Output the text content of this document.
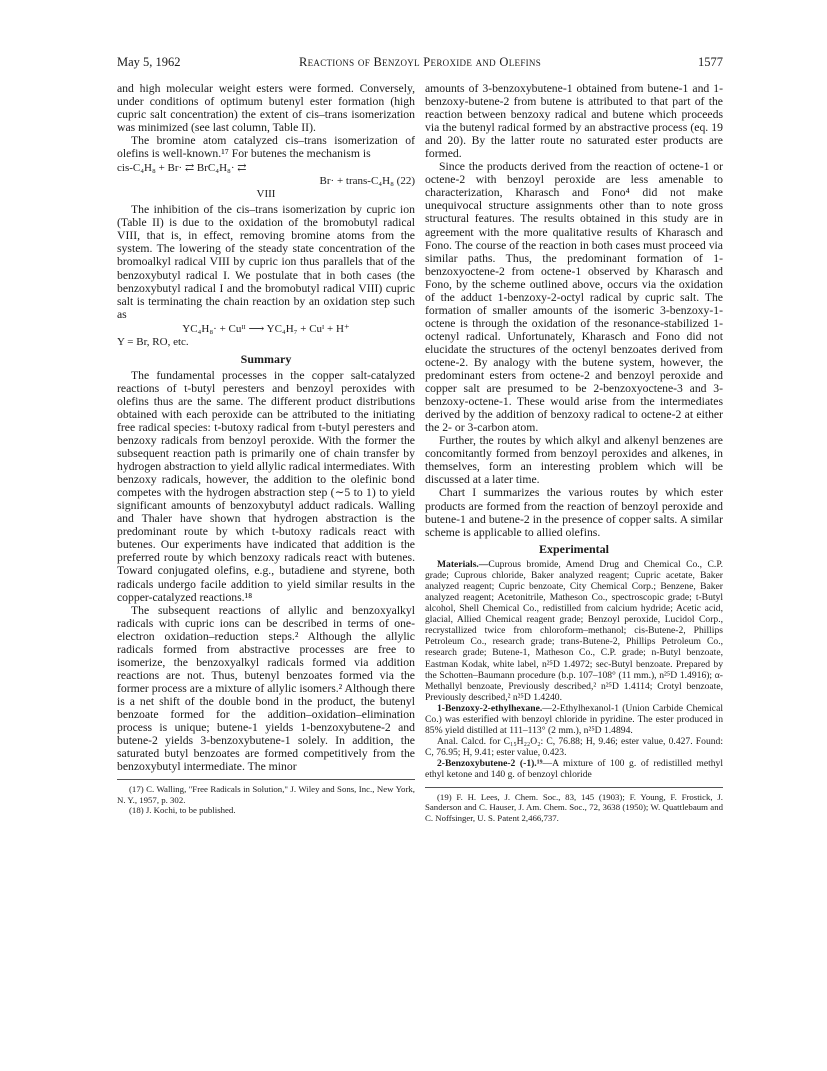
May 5, 1962	Reactions of Benzoyl Peroxide and Olefins	1577

and high molecular weight esters were formed. Conversely, under conditions of optimum butenyl ester formation (high cupric salt concentration) the extent of cis–trans isomerization was minimized (see last column, Table II).

The bromine atom catalyzed cis–trans isomerization of olefins is well-known.¹⁷ For butenes the mechanism is

cis-C₄H₈ + Br· ⇄ BrC₄H₈· ⇄
Br· + trans-C₄H₈ (22)
VIII

The inhibition of the cis–trans isomerization by cupric ion (Table II) is due to the oxidation of the bromobutyl radical VIII, that is, in effect, removing bromine atoms from the system. The lowering of the steady state concentration of the bromoalkyl radical VIII by cupric ion thus parallels that of the benzoxybutyl radical I. We postulate that in both cases (the benzoxybutyl radical I and the bromobutyl radical VIII) cupric salt is terminating the chain reaction by an oxidation step such as

YC₄H₈· + Cuᴵᴵ ⟶ YC₄H₇ + Cuᴵ + H⁺
Y = Br, RO, etc.
Summary

The fundamental processes in the copper salt-catalyzed reactions of t-butyl peresters and benzoyl peroxides with olefins thus are the same. The different product distributions obtained with each peroxide can be attributed to the initiating free radical species: t-butoxy radical from t-butyl peresters and benzoxy radicals from benzoyl peroxide. With the former the subsequent reaction path is primarily one of chain transfer by hydrogen abstraction to yield allylic radical intermediates. With benzoxy radicals, however, the addition to the olefinic bond competes with the hydrogen abstraction step (∼5 to 1) to yield significant amounts of benzoxybutyl adduct radicals. Walling and Thaler have shown that hydrogen abstraction is the predominant route by which t-butoxy radicals react with butenes. Our experiments have indicated that addition is the preferred route by which benzoxy radicals react with butenes. Toward conjugated olefins, e.g., butadiene and styrene, both radicals undergo facile addition to yield similar results in the copper-catalyzed reactions.¹⁸

The subsequent reactions of allylic and benzoxyalkyl radicals with cupric ions can be described in terms of one-electron oxidation–reduction steps.² Although the allylic radicals formed from abstractive processes are free to isomerize, the benzoxyalkyl radicals formed via addition reactions are not. Thus, butenyl benzoates formed via the former process are a mixture of allylic isomers.² Although there is a net shift of the double bond in the product, the butenyl benzoate formed for the addition–oxidation–elimination process is unique; butene-1 yields 1-benzoxybutene-2 and butene-2 yields 3-benzoxybutene-1 solely. In addition, the saturated butyl benzoates are formed competitively from the benzoxybutyl intermediate. The minor

(17) C. Walling, "Free Radicals in Solution," J. Wiley and Sons, Inc., New York, N. Y., 1957, p. 302.

(18) J. Kochi, to be published.

amounts of 3-benzoxybutene-1 obtained from butene-1 and 1-benzoxy-butene-2 from butene is attributed to that part of the reaction between benzoxy radical and butene which proceeds via the butenyl radical formed by an abstractive process (eq. 19 and 20). By the latter route no saturated ester products are formed.

Since the products derived from the reaction of octene-1 or octene-2 with benzoyl peroxide are less amenable to characterization, Kharasch and Fono⁴ did not make unequivocal structure assignments other than to note gross structural features. The results obtained in this study are in agreement with the more qualitative results of Kharasch and Fono. The course of the reaction in both cases must proceed via similar paths. Thus, the predominant formation of 1-benzoxyoctene-2 from octene-1 observed by Kharasch and Fono, by the scheme outlined above, occurs via the oxidation of the adduct 1-benzoxy-2-octyl radical by cupric salt. The formation of smaller amounts of the isomeric 3-benzoxy-1-octene is through the oxidation of the resonance-stabilized 1-octenyl radical. Unfortunately, Kharasch and Fono did not elucidate the structures of the octenyl benzoates derived from octene-2. By analogy with the butene system, however, the predominant esters from octene-2 and benzoyl peroxide and copper salt are presumed to be 2-benzoxyoctene-3 and 3-benzoxy-octene-1. These would arise from the intermediates derived by the addition of benzoxy radical to octene-2 at either the 2- or 3-carbon atom.

Further, the routes by which alkyl and alkenyl benzenes are concomitantly formed from benzoyl peroxides and alkenes, in themselves, form an interesting problem which will be discussed at a later time.

Chart I summarizes the various routes by which ester products are formed from the reaction of benzoyl peroxide and butene-1 and butene-2 in the presence of copper salts. A similar scheme is applicable to allied olefins.

Experimental

Materials.—Cuprous bromide, Amend Drug and Chemical Co., C.P. grade; Cuprous chloride, Baker analyzed reagent; Cupric acetate, Baker analyzed reagent; Cupric benzoate, City Chemical Corp.; Benzene, Baker analyzed reagent; Acetonitrile, Matheson Co., spectroscopic grade; t-Butyl alcohol, Shell Chemical Co., redistilled from calcium hydride; Acetic acid, glacial, Allied Chemical reagent grade; Benzoyl peroxide, Lucidol Corp., recrystallized twice from chloroform–methanol; cis-Butene-2, Phillips Petroleum Co., research grade; trans-Butene-2, Phillips Petroleum Co., research grade; Butene-1, Matheson Co., C.P. grade; n-Butyl benzoate, Eastman Kodak, white label, n²⁵D 1.4972; sec-Butyl benzoate. Prepared by the Schotten–Baumann procedure (b.p. 107–108° (11 mm.), n²⁵D 1.4916); α-Methallyl benzoate, Previously described,² n²⁵D 1.4114; Crotyl benzoate, Previously described,² n²⁵D 1.4240.

1-Benzoxy-2-ethylhexane.—2-Ethylhexanol-1 (Union Carbide Chemical Co.) was esterified with benzoyl chloride in pyridine. The ester produced in 85% yield distilled at 111–113° (2 mm.), n²⁵D 1.4894.

Anal. Calcd. for C₁₅H₂₂O₂: C, 76.88; H, 9.46; ester value, 0.427. Found: C, 76.95; H, 9.41; ester value, 0.423.

2-Benzoxybutene-2 (-1).¹⁹—A mixture of 100 g. of redistilled methyl ethyl ketone and 140 g. of benzoyl chloride

(19) F. H. Lees, J. Chem. Soc., 83, 145 (1903); F. Young, F. Frostick, J. Sanderson and C. Hauser, J. Am. Chem. Soc., 72, 3638 (1950); W. Quattlebaum and C. Noffsinger, U. S. Patent 2,466,737.
